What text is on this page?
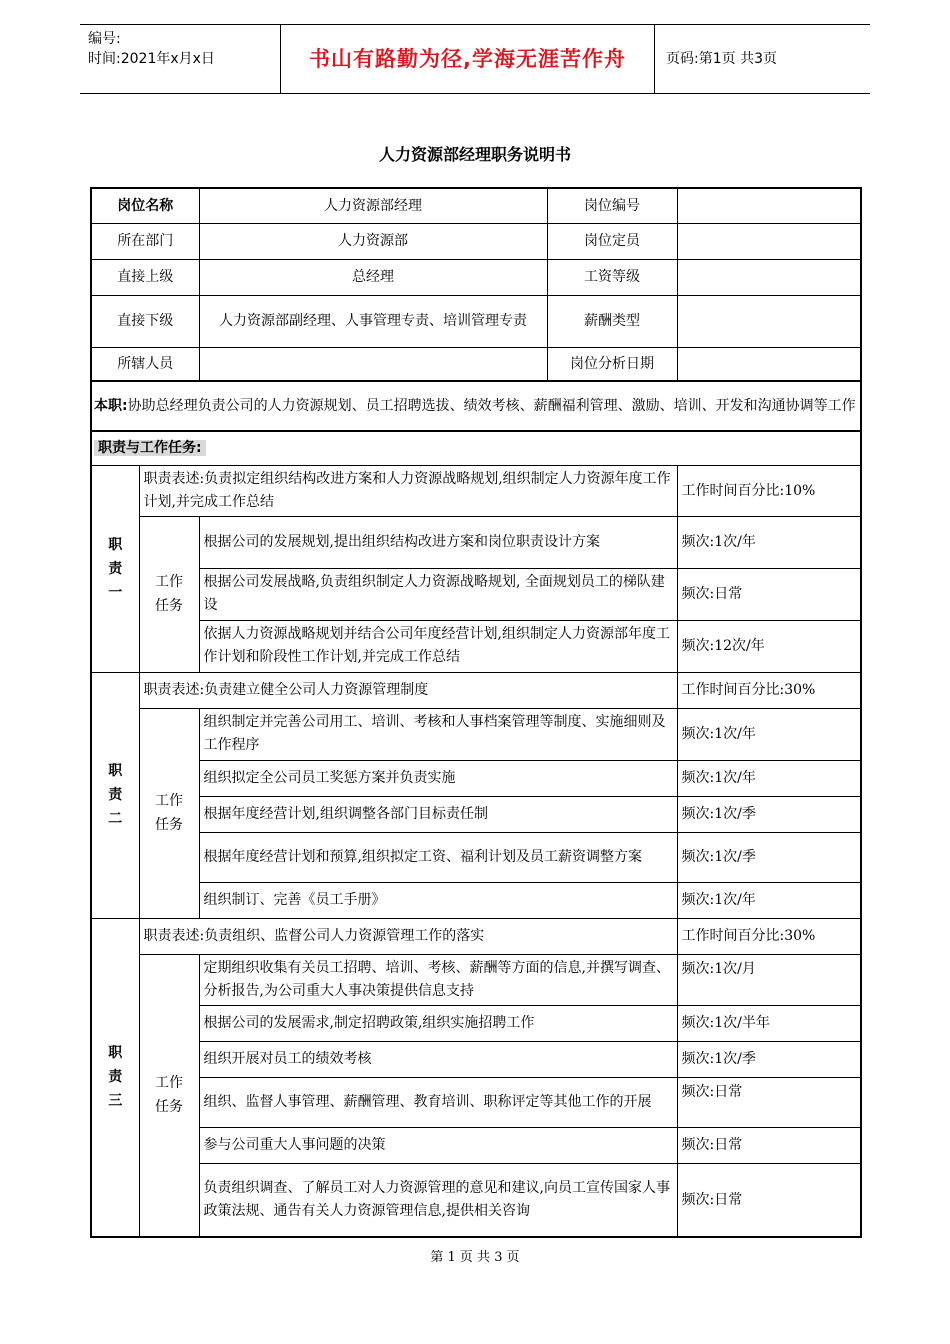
编号:
时间:2021年x月x日	书山有路勤为径,学海无涯苦作舟	页码:第1页 共3页
人力资源部经理职务说明书
岗位名称		人力资源部经理	岗位编号	
所在部门		人力资源部	岗位定员	
直接上级		总经理	工资等级	
直接下级		人力资源部副经理、人事管理专责、培训管理专责	薪酬类型	
所辖人员			岗位分析日期	
本职:协助总经理负责公司的人力资源规划、员工招聘选拔、绩效考核、薪酬福利管理、激励、培训、开发和沟通协调等工作				
职责与工作任务:				
职责一	职责表述:负责拟定组织结构改进方案和人力资源战略规划,组织制定人力资源年度工作计划,并完成工作总结			工作时间百分比:10%
	工作任务	根据公司的发展规划,提出组织结构改进方案和岗位职责设计方案		频次:1次/年
		根据公司发展战略,负责组织制定人力资源战略规划, 全面规划员工的梯队建设		频次:日常
		依据人力资源战略规划并结合公司年度经营计划,组织制定人力资源部年度工作计划和阶段性工作计划,并完成工作总结		频次:12次/年
职责二	职责表述:负责建立健全公司人力资源管理制度			工作时间百分比:30%
	工作任务	组织制定并完善公司用工、培训、考核和人事档案管理等制度、实施细则及工作程序		频次:1次/年
		组织拟定全公司员工奖惩方案并负责实施		频次:1次/年
		根据年度经营计划,组织调整各部门目标责任制		频次:1次/季
		根据年度经营计划和预算,组织拟定工资、福利计划及员工薪资调整方案		频次:1次/季
		组织制订、完善《员工手册》		频次:1次/年
职责三	职责表述:负责组织、监督公司人力资源管理工作的落实			工作时间百分比:30%
	工作任务	定期组织收集有关员工招聘、培训、考核、薪酬等方面的信息,并撰写调查、分析报告,为公司重大人事决策提供信息支持		频次:1次/月
		根据公司的发展需求,制定招聘政策,组织实施招聘工作		频次:1次/半年
		组织开展对员工的绩效考核		频次:1次/季
		组织、监督人事管理、薪酬管理、教育培训、职称评定等其他工作的开展		频次:日常
		参与公司重大人事问题的决策		频次:日常
		负责组织调查、了解员工对人力资源管理的意见和建议,向员工宣传国家人事政策法规、通告有关人力资源管理信息,提供相关咨询		频次:日常
第 1 页 共 3 页
